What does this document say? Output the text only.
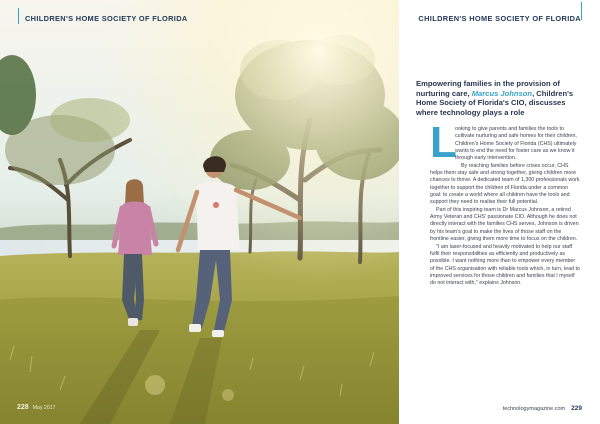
CHILDREN'S HOME SOCIETY OF FLORIDA
228 May 2017
CHILDREN'S HOME SOCIETY OF FLORIDA
Empowering families in the provision of nurturing care, Marcus Johnson, Children's Home Society of Florida's CIO, discusses where technology plays a role

L
ooking to give parents and families the tools to cultivate nurturing and safe homes for their children, Children's Home Society of Florida (CHS) ultimately wants to end the need for foster care as we know it through early intervention.

By reaching families before crises occur, CHS helps them stay safe and strong together, giving children more chances to thrive. A dedicated team of 1,300 professionals work together to support the children of Florida under a common goal: to create a world where all children have the tools and support they need to realise their full potential.

Part of this inspiring team is Dr Marcus Johnson, a retired Army Veteran and CHS' passionate CIO. Although he does not directly interact with the families CHS serves, Johnson is driven by his team's goal to make the lives of those staff on the frontline easier, giving them more time to focus on the children.

"I am laser-focused and heavily motivated to help our staff fulfil their responsibilities as efficiently and productively as possible. I want nothing more than to empower every member of the CHS organisation with reliable tools which, in turn, lead to improved services for those children and families that I myself do not interact with," explains Johnson.

technologymagazine.com 229
